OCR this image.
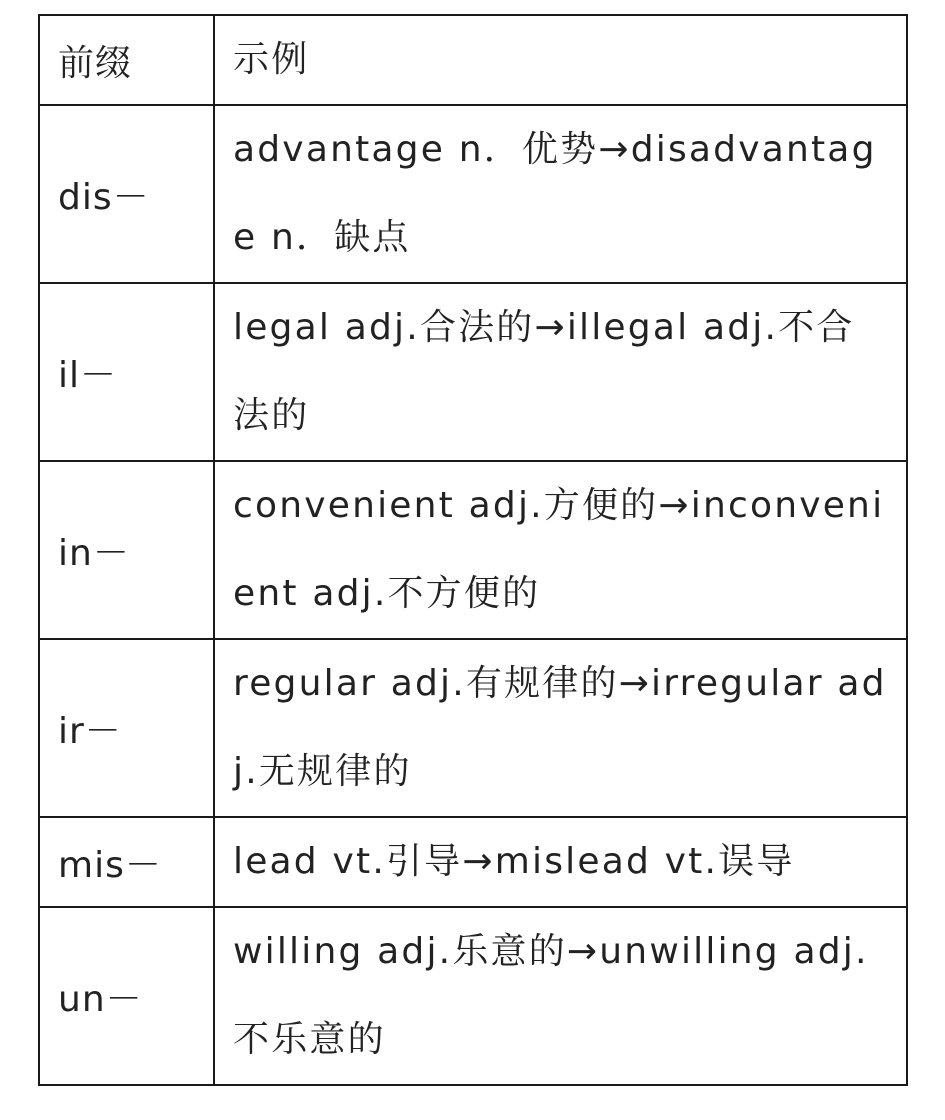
前缀	示例
dis－	advantage n．优势→disadvantage n．缺点
il－	legal adj.合法的→illegal adj.不合法的
in－	convenient adj.方便的→inconvenient adj.不方便的
ir－	regular adj.有规律的→irregular adj.无规律的
mis－	lead vt.引导→mislead vt.误导
un－	willing adj.乐意的→unwilling adj.不乐意的
